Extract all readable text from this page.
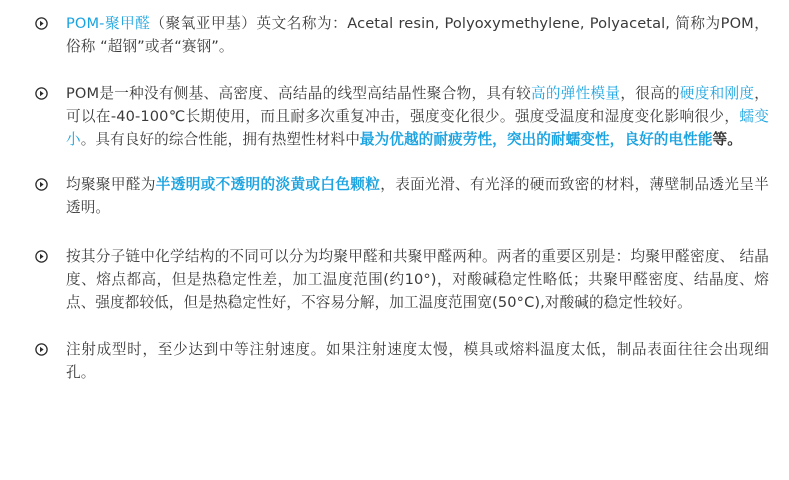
POM-聚甲醛（聚氧亚甲基）英文名称为：Acetal resin, Polyoxymethylene, Polyacetal, 简称为POM，俗称 “超钢”或者“赛钢”。
POM是一种没有侧基、高密度、高结晶的线型高结晶性聚合物，具有较高的弹性模量，很高的硬度和刚度，可以在-40-100℃长期使用，而且耐多次重复冲击，强度变化很少。强度受温度和湿度变化影响很少，蠕变小。具有良好的综合性能，拥有热塑性材料中最为优越的耐疲劳性，突出的耐蠕变性，良好的电性能等。
均聚聚甲醛为半透明或不透明的淡黄或白色颗粒，表面光滑、有光泽的硬而致密的材料，薄壁制品透光呈半透明。
按其分子链中化学结构的不同可以分为均聚甲醛和共聚甲醛两种。两者的重要区别是：均聚甲醛密度、 结晶度、熔点都高，但是热稳定性差，加工温度范围(约10°)，对酸碱稳定性略低；共聚甲醛密度、结晶度、熔点、强度都较低，但是热稳定性好，不容易分解，加工温度范围宽(50°C),对酸碱的稳定性较好。
注射成型时，至少达到中等注射速度。如果注射速度太慢，模具或熔料温度太低，制品表面往往会出现细孔。
